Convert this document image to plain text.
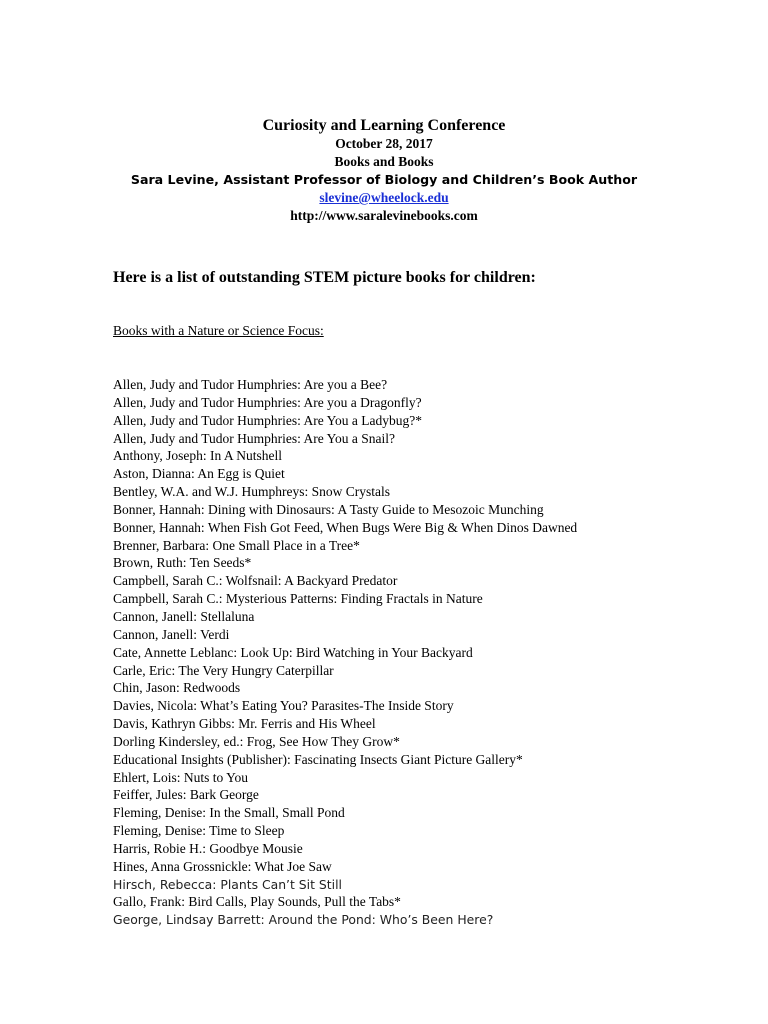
Curiosity and Learning Conference

October 28, 2017

Books and Books

Sara Levine, Assistant Professor of Biology and Children’s Book Author

slevine@wheelock.edu

http://www.saralevinebooks.com

Here is a list of outstanding STEM picture books for children:

Books with a Nature or Science Focus:

Allen, Judy and Tudor Humphries: Are you a Bee?
Allen, Judy and Tudor Humphries: Are you a Dragonfly?
Allen, Judy and Tudor Humphries: Are You a Ladybug?*
Allen, Judy and Tudor Humphries: Are You a Snail?
Anthony, Joseph: In A Nutshell
Aston, Dianna: An Egg is Quiet
Bentley, W.A. and W.J. Humphreys: Snow Crystals
Bonner, Hannah: Dining with Dinosaurs: A Tasty Guide to Mesozoic Munching
Bonner, Hannah: When Fish Got Feed, When Bugs Were Big & When Dinos Dawned
Brenner, Barbara: One Small Place in a Tree*
Brown, Ruth: Ten Seeds*
Campbell, Sarah C.: Wolfsnail: A Backyard Predator
Campbell, Sarah C.: Mysterious Patterns: Finding Fractals in Nature
Cannon, Janell: Stellaluna
Cannon, Janell: Verdi
Cate, Annette Leblanc: Look Up: Bird Watching in Your Backyard
Carle, Eric: The Very Hungry Caterpillar
Chin, Jason: Redwoods
Davies, Nicola: What’s Eating You? Parasites-The Inside Story
Davis, Kathryn Gibbs: Mr. Ferris and His Wheel
Dorling Kindersley, ed.: Frog, See How They Grow*
Educational Insights (Publisher): Fascinating Insects Giant Picture Gallery*
Ehlert, Lois: Nuts to You
Feiffer, Jules: Bark George
Fleming, Denise: In the Small, Small Pond
Fleming, Denise: Time to Sleep
Harris, Robie H.: Goodbye Mousie
Hines, Anna Grossnickle: What Joe Saw
Hirsch, Rebecca: Plants Can’t Sit Still
Gallo, Frank: Bird Calls, Play Sounds, Pull the Tabs*
George, Lindsay Barrett: Around the Pond: Who’s Been Here?
